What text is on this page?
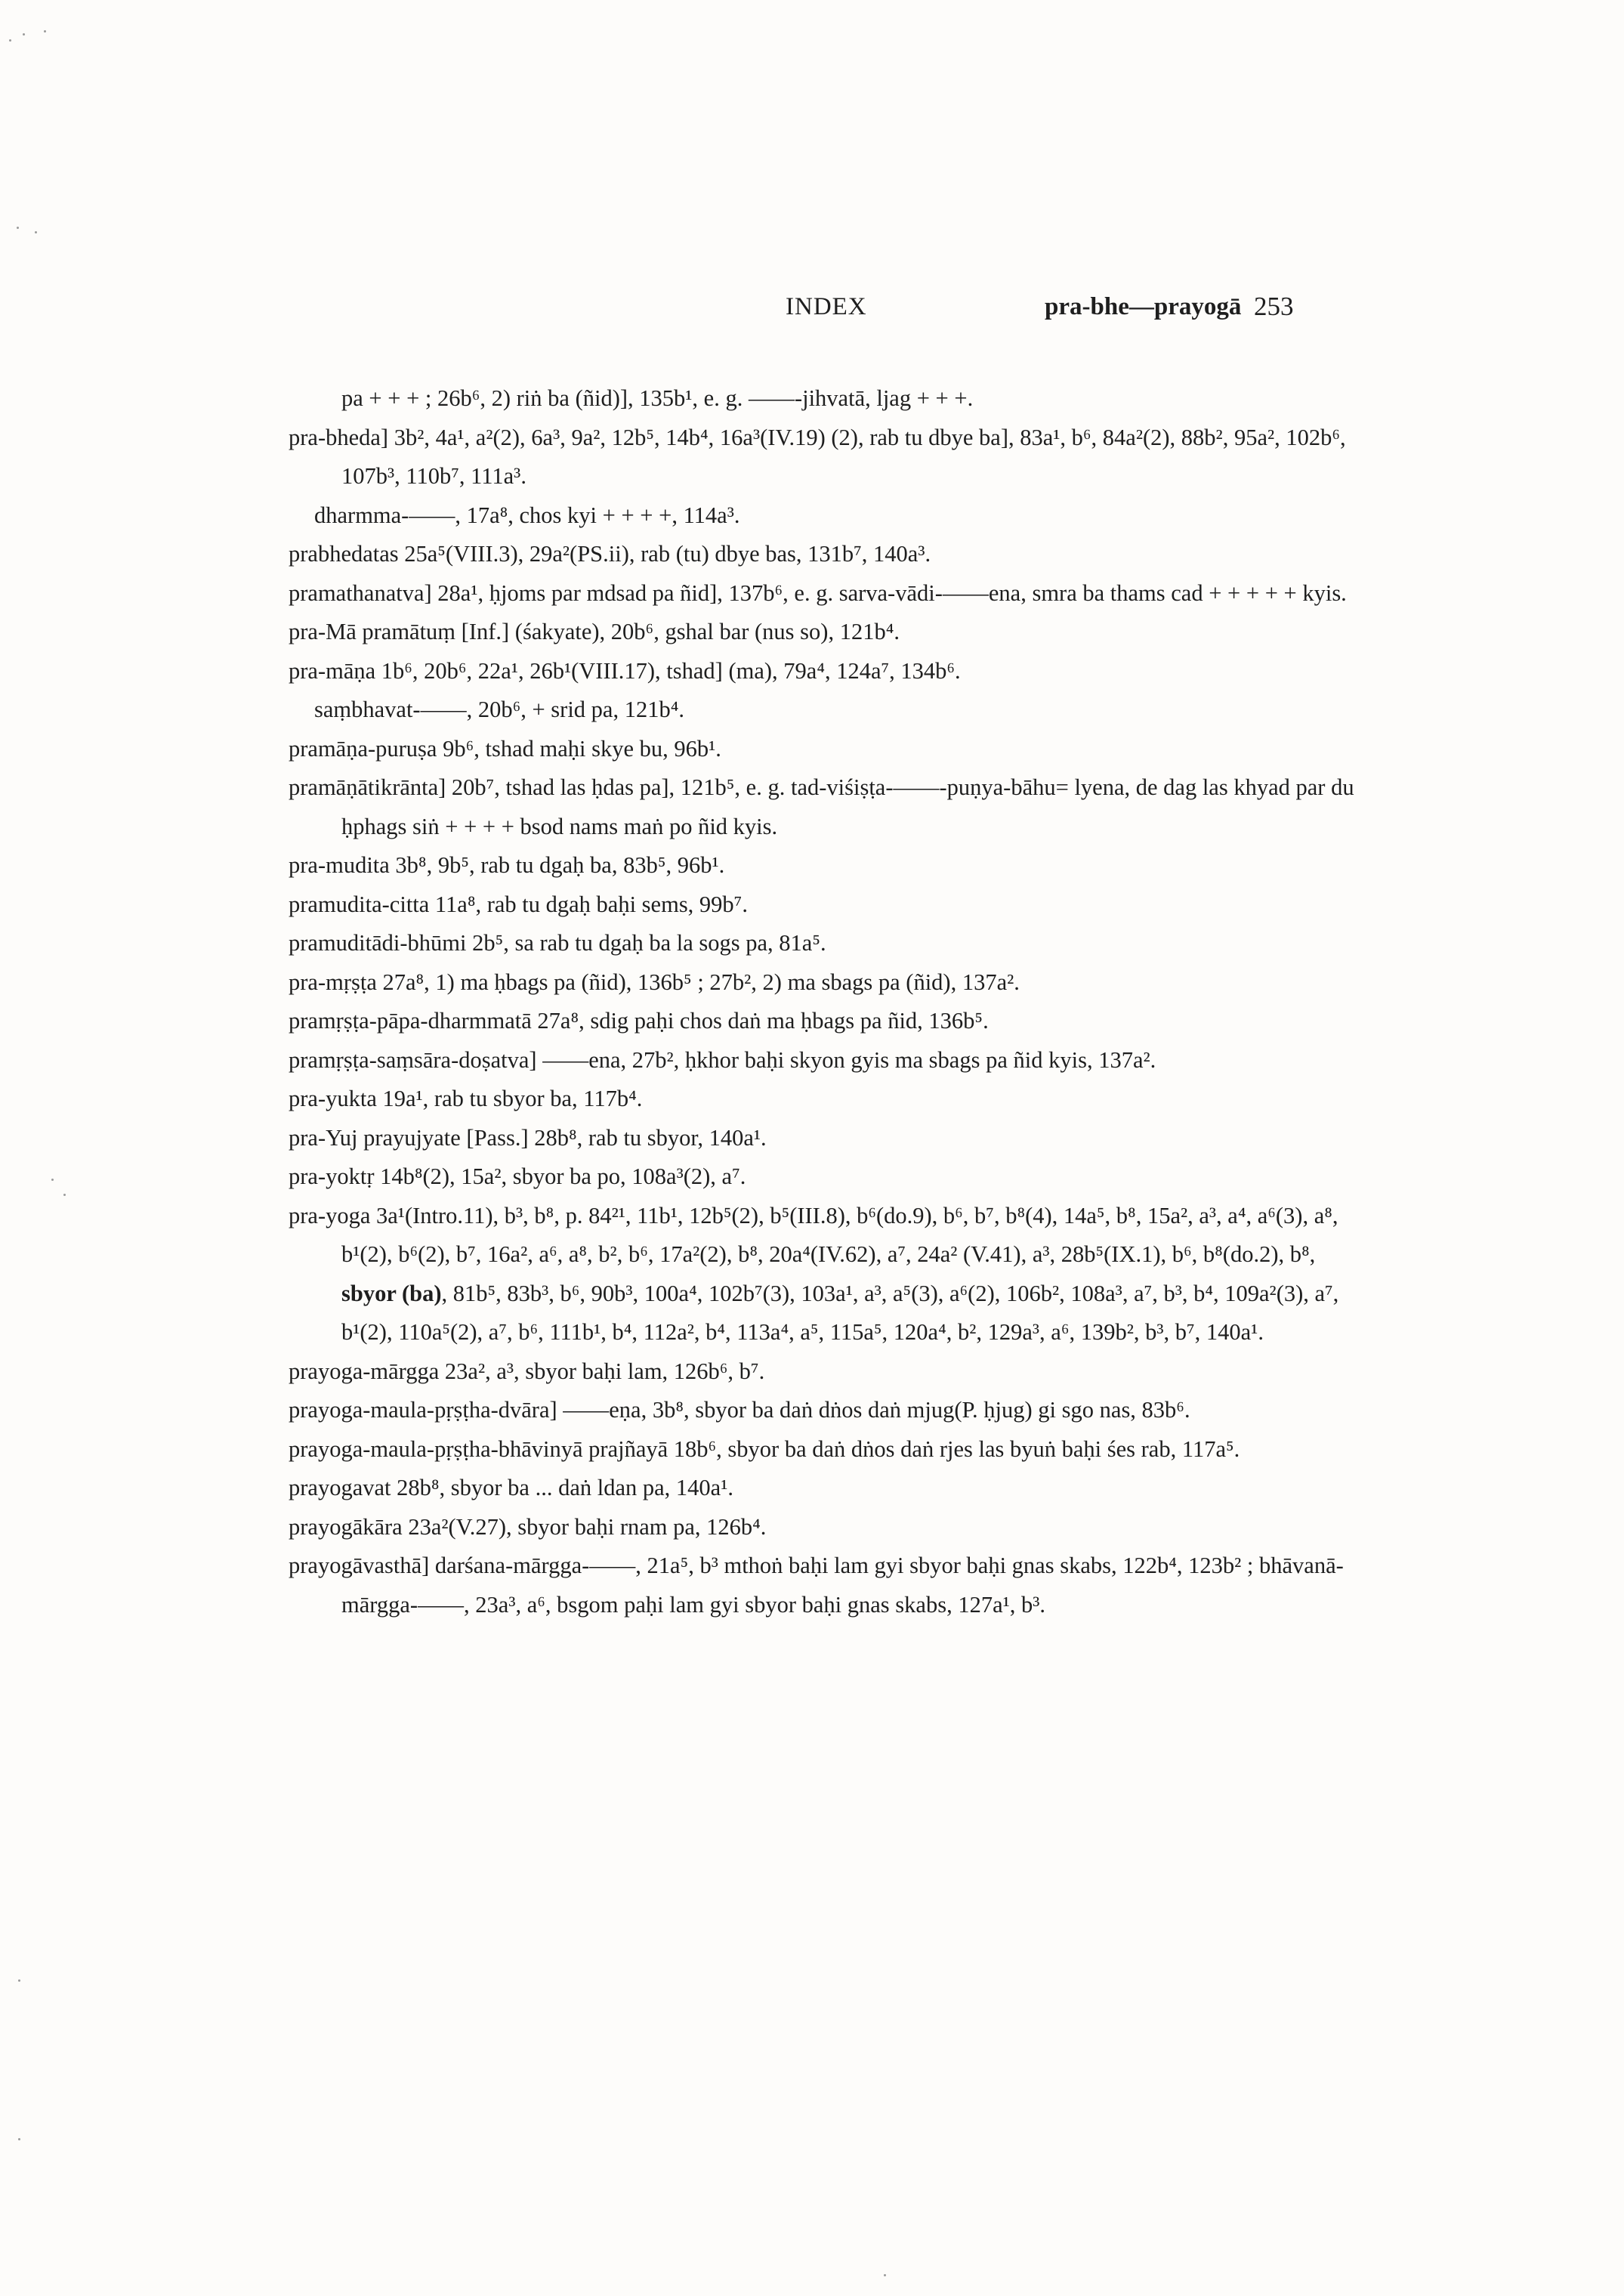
INDEX	pra-bhe—prayogā 253
pa + + + ; 26b⁶, 2) riṅ ba (ñid)], 135b¹, e. g. ——-jihvatā, ljag + + +.
pra-bheda] 3b², 4a¹, a²(2), 6a³, 9a², 12b⁵, 14b⁴, 16a³(IV.19) (2), rab tu dbye ba], 83a¹, b⁶, 84a²(2), 88b², 95a², 102b⁶, 107b³, 110b⁷, 111a³.
dharmma-——, 17a⁸, chos kyi + + + +, 114a³.
prabhedatas 25a⁵(VIII.3), 29a²(PS.ii), rab (tu) dbye bas, 131b⁷, 140a³.
pramathanatva] 28a¹, ḥjoms par mdsad pa ñid], 137b⁶, e. g. sarva-vādi-——ena, smra ba thams cad + + + + + kyis.
pra-Mā pramātuṃ [Inf.] (śakyate), 20b⁶, gshal bar (nus so), 121b⁴.
pra-māṇa 1b⁶, 20b⁶, 22a¹, 26b¹(VIII.17), tshad] (ma), 79a⁴, 124a⁷, 134b⁶.
saṃbhavat-——, 20b⁶, + srid pa, 121b⁴.
pramāṇa-puruṣa 9b⁶, tshad maḥi skye bu, 96b¹.
pramāṇātikrānta] 20b⁷, tshad las ḥdas pa], 121b⁵, e. g. tad-viśiṣṭa-——-puṇya-bāhu= lyena, de dag las khyad par du ḥphags siṅ + + + + bsod nams maṅ po ñid kyis.
pra-mudita 3b⁸, 9b⁵, rab tu dgaḥ ba, 83b⁵, 96b¹.
pramudita-citta 11a⁸, rab tu dgaḥ baḥi sems, 99b⁷.
pramuditādi-bhūmi 2b⁵, sa rab tu dgaḥ ba la sogs pa, 81a⁵.
pra-mṛṣṭa 27a⁸, 1) ma ḥbags pa (ñid), 136b⁵ ; 27b², 2) ma sbags pa (ñid), 137a².
pramṛṣṭa-pāpa-dharmmatā 27a⁸, sdig paḥi chos daṅ ma ḥbags pa ñid, 136b⁵.
pramṛṣṭa-saṃsāra-doṣatva] ——ena, 27b², ḥkhor baḥi skyon gyis ma sbags pa ñid kyis, 137a².
pra-yukta 19a¹, rab tu sbyor ba, 117b⁴.
pra-Yuj prayujyate [Pass.] 28b⁸, rab tu sbyor, 140a¹.
pra-yoktṛ 14b⁸(2), 15a², sbyor ba po, 108a³(2), a⁷.
pra-yoga 3a¹(Intro.11), b³, b⁸, p. 84²¹, 11b¹, 12b⁵(2), b⁵(III.8), b⁶(do.9), b⁶, b⁷, b⁸(4), 14a⁵, b⁸, 15a², a³, a⁴, a⁶(3), a⁸, b¹(2), b⁶(2), b⁷, 16a², a⁶, a⁸, b², b⁶, 17a²(2), b⁸, 20a⁴(IV.62), a⁷, 24a² (V.41), a³, 28b⁵(IX.1), b⁶, b⁸(do.2), b⁸, sbyor (ba), 81b⁵, 83b³, b⁶, 90b³, 100a⁴, 102b⁷(3), 103a¹, a³, a⁵(3), a⁶(2), 106b², 108a³, a⁷, b³, b⁴, 109a²(3), a⁷, b¹(2), 110a⁵(2), a⁷, b⁶, 111b¹, b⁴, 112a², b⁴, 113a⁴, a⁵, 115a⁵, 120a⁴, b², 129a³, a⁶, 139b², b³, b⁷, 140a¹.
prayoga-mārgga 23a², a³, sbyor baḥi lam, 126b⁶, b⁷.
prayoga-maula-pṛṣṭha-dvāra] ——eṇa, 3b⁸, sbyor ba daṅ dṅos daṅ mjug(P. ḥjug) gi sgo nas, 83b⁶.
prayoga-maula-pṛṣṭha-bhāvinyā prajñayā 18b⁶, sbyor ba daṅ dṅos daṅ rjes las byuṅ baḥi śes rab, 117a⁵.
prayogavat 28b⁸, sbyor ba ... daṅ ldan pa, 140a¹.
prayogākāra 23a²(V.27), sbyor baḥi rnam pa, 126b⁴.
prayogāvasthā] darśana-mārgga-——, 21a⁵, b³ mthoṅ baḥi lam gyi sbyor baḥi gnas skabs, 122b⁴, 123b² ; bhāvanā-mārgga-——, 23a³, a⁶, bsgom paḥi lam gyi sbyor baḥi gnas skabs, 127a¹, b³.
